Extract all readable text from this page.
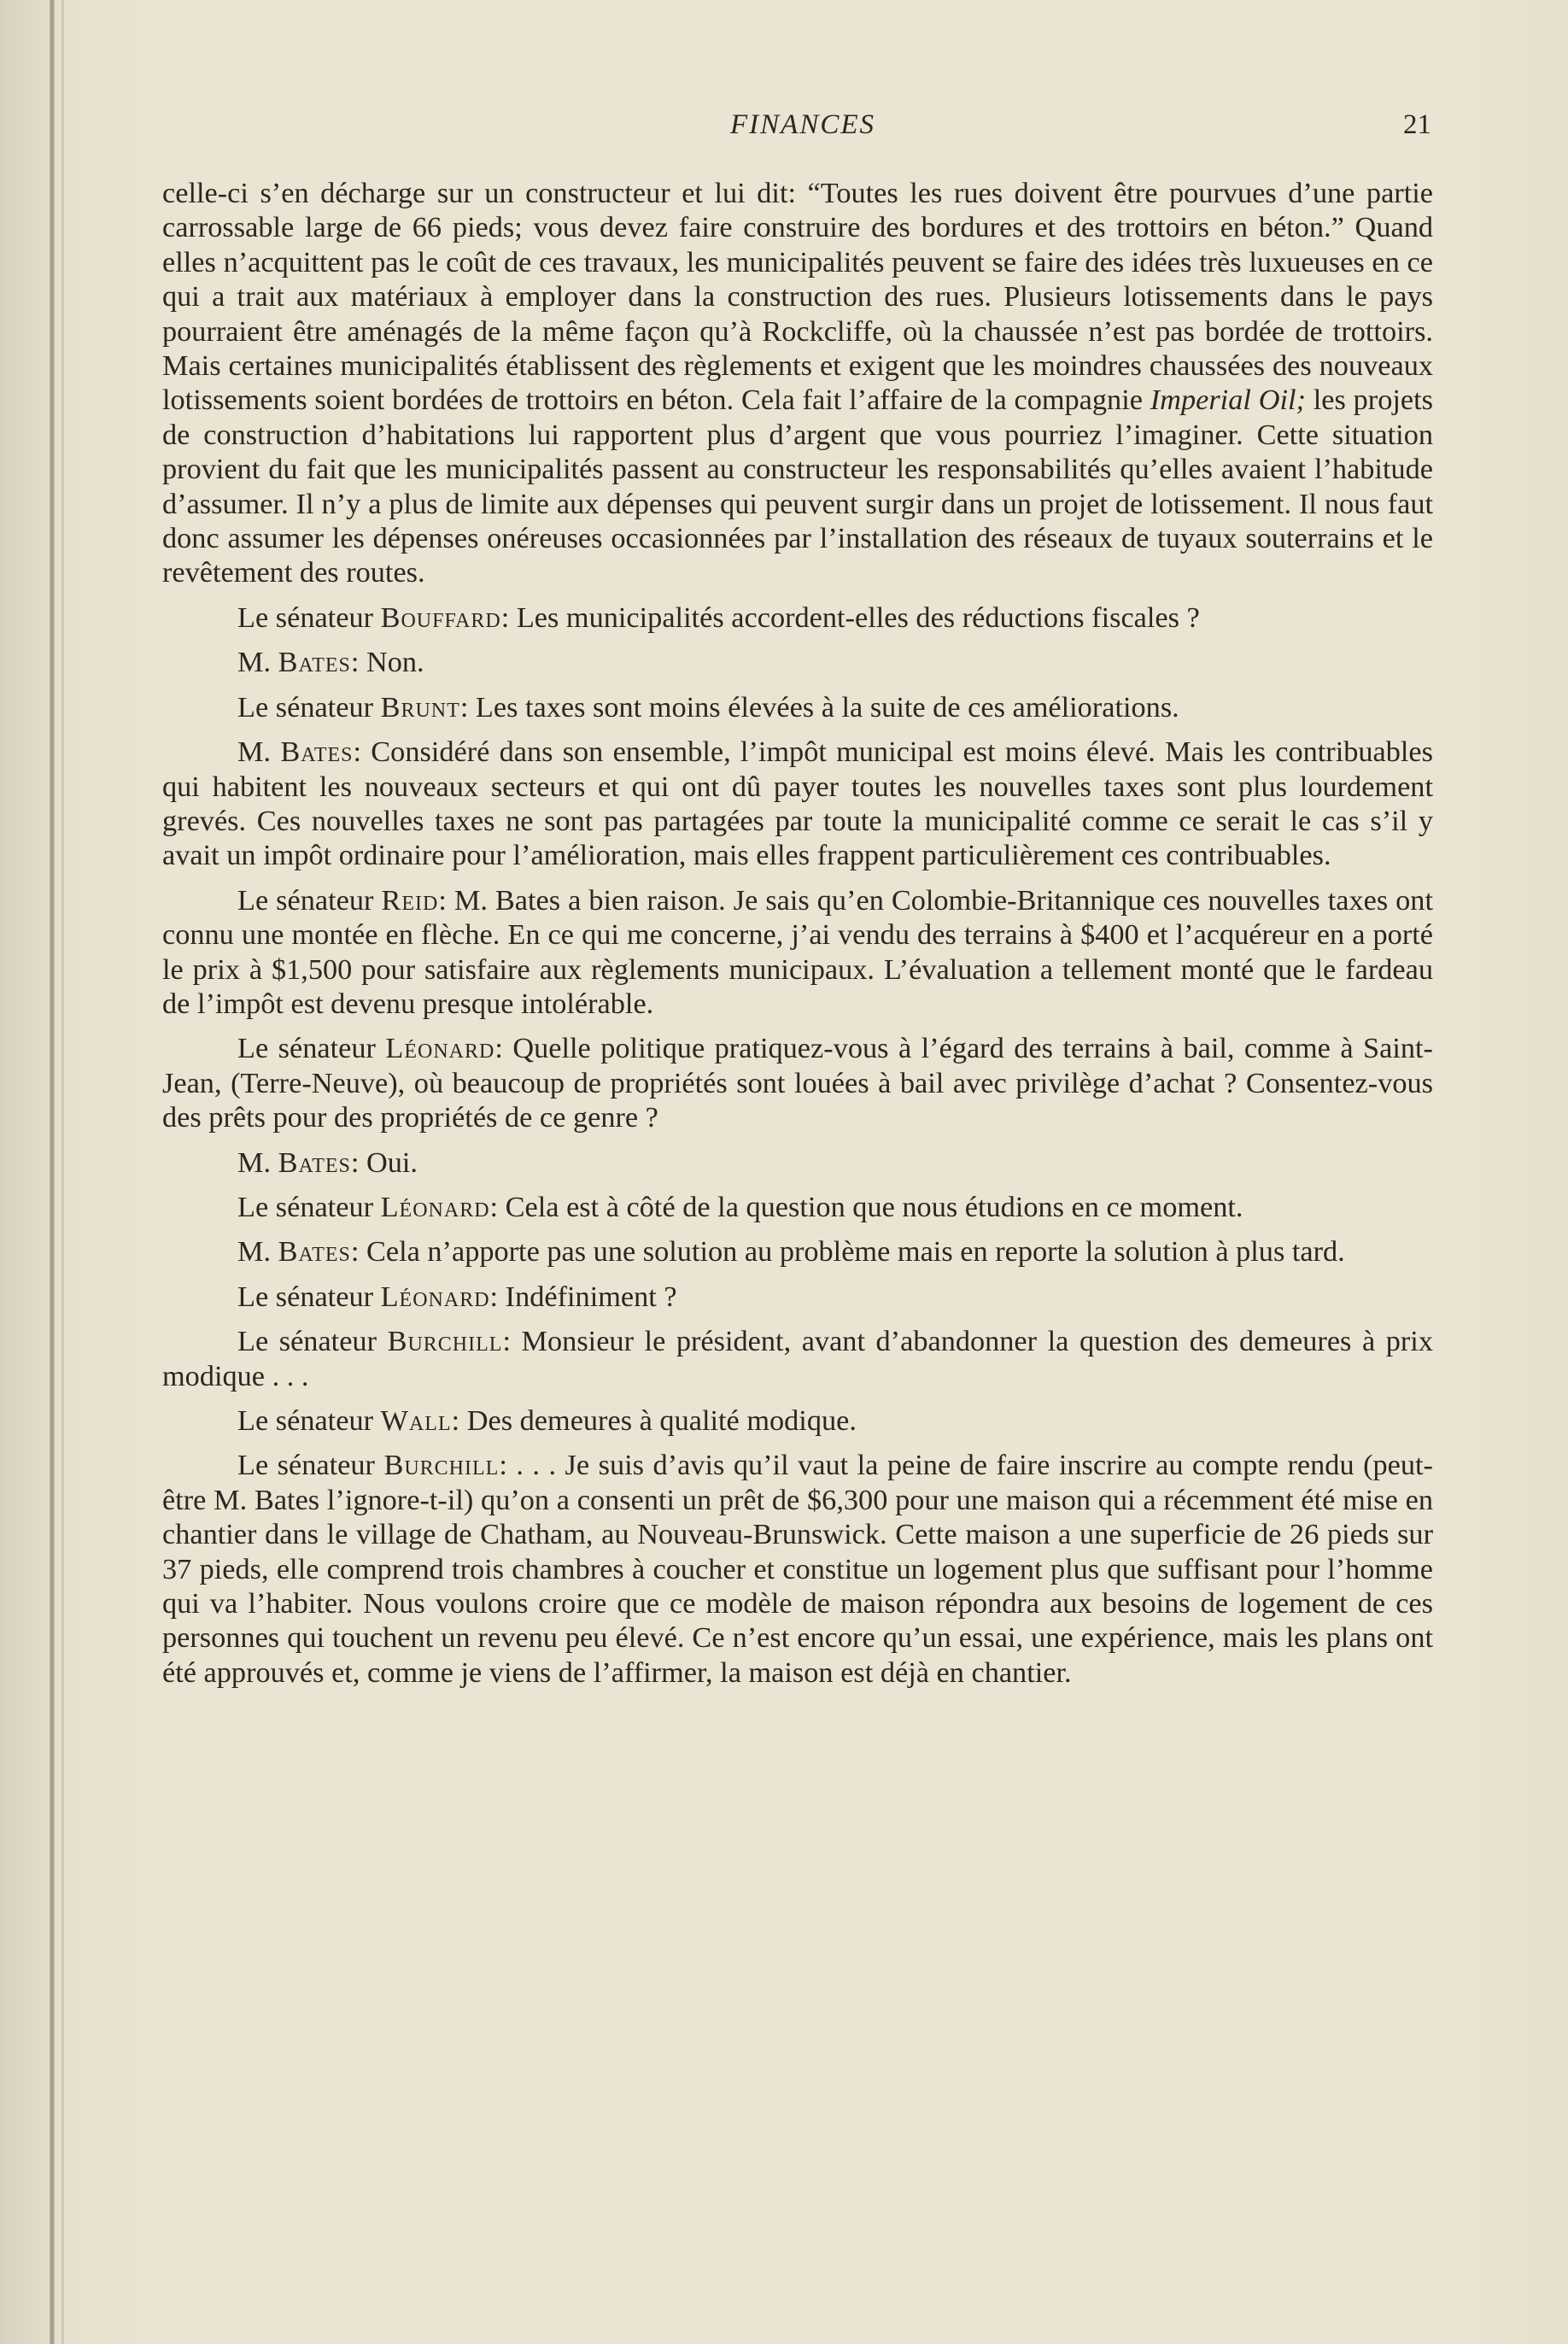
FINANCES	21

celle-ci s’en décharge sur un constructeur et lui dit: “Toutes les rues doivent être pourvues d’une partie carrossable large de 66 pieds; vous devez faire construire des bordures et des trottoirs en béton.” Quand elles n’acquittent pas le coût de ces travaux, les municipalités peuvent se faire des idées très luxueuses en ce qui a trait aux matériaux à employer dans la construction des rues. Plusieurs lotissements dans le pays pourraient être aménagés de la même façon qu’à Rockcliffe, où la chaussée n’est pas bordée de trottoirs. Mais certaines municipalités établissent des règlements et exigent que les moindres chaussées des nouveaux lotissements soient bordées de trottoirs en béton. Cela fait l’affaire de la compagnie Imperial Oil; les projets de construction d’habitations lui rapportent plus d’argent que vous pourriez l’imaginer. Cette situation provient du fait que les municipalités passent au constructeur les responsabilités qu’elles avaient l’habitude d’assumer. Il n’y a plus de limite aux dépenses qui peuvent surgir dans un projet de lotissement. Il nous faut donc assumer les dépenses onéreuses occasionnées par l’installation des réseaux de tuyaux souterrains et le revêtement des routes.

Le sénateur Bouffard: Les municipalités accordent-elles des réductions fiscales ?

M. Bates: Non.

Le sénateur Brunt: Les taxes sont moins élevées à la suite de ces améliorations.

M. Bates: Considéré dans son ensemble, l’impôt municipal est moins élevé. Mais les contribuables qui habitent les nouveaux secteurs et qui ont dû payer toutes les nouvelles taxes sont plus lourdement grevés. Ces nouvelles taxes ne sont pas partagées par toute la municipalité comme ce serait le cas s’il y avait un impôt ordinaire pour l’amélioration, mais elles frappent particulièrement ces contribuables.

Le sénateur Reid: M. Bates a bien raison. Je sais qu’en Colombie-Britannique ces nouvelles taxes ont connu une montée en flèche. En ce qui me concerne, j’ai vendu des terrains à $400 et l’acquéreur en a porté le prix à $1,500 pour satisfaire aux règlements municipaux. L’évaluation a tellement monté que le fardeau de l’impôt est devenu presque intolérable.

Le sénateur Léonard: Quelle politique pratiquez-vous à l’égard des terrains à bail, comme à Saint-Jean, (Terre-Neuve), où beaucoup de propriétés sont louées à bail avec privilège d’achat ? Consentez-vous des prêts pour des propriétés de ce genre ?

M. Bates: Oui.

Le sénateur Léonard: Cela est à côté de la question que nous étudions en ce moment.

M. Bates: Cela n’apporte pas une solution au problème mais en reporte la solution à plus tard.

Le sénateur Léonard: Indéfiniment ?

Le sénateur Burchill: Monsieur le président, avant d’abandonner la question des demeures à prix modique . . .

Le sénateur Wall: Des demeures à qualité modique.

Le sénateur Burchill: . . . Je suis d’avis qu’il vaut la peine de faire inscrire au compte rendu (peut-être M. Bates l’ignore-t-il) qu’on a consenti un prêt de $6,300 pour une maison qui a récemment été mise en chantier dans le village de Chatham, au Nouveau-Brunswick. Cette maison a une superficie de 26 pieds sur 37 pieds, elle comprend trois chambres à coucher et constitue un logement plus que suffisant pour l’homme qui va l’habiter. Nous voulons croire que ce modèle de maison répondra aux besoins de logement de ces personnes qui touchent un revenu peu élevé. Ce n’est encore qu’un essai, une expérience, mais les plans ont été approuvés et, comme je viens de l’affirmer, la maison est déjà en chantier.
